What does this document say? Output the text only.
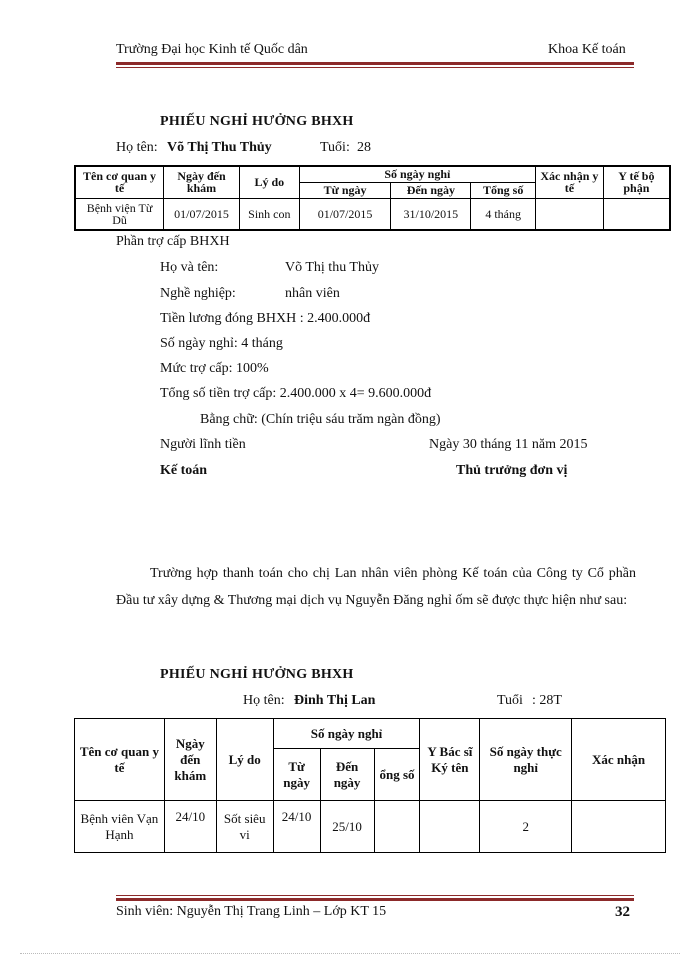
Trường Đại học Kinh tế Quốc dân	Khoa Kế toán
PHIẾU NGHỈ HƯỞNG BHXH
Họ tên: Võ Thị Thu Thủy	Tuổi: 28
Tên cơ quan y tế	Ngày đến khám	Lý do	Số ngày nghỉ			Xác nhận y tế	Y tế bộ phận
			Từ ngày	Đến ngày	Tổng số		
Bệnh viện Từ Dũ	01/07/2015	Sinh con	01/07/2015	31/10/2015	4 tháng		
Phần trợ cấp BHXH
Họ và tên:	Võ Thị thu Thủy
Nghề nghiệp:	nhân viên
Tiền lương đóng BHXH : 2.400.000đ
Số ngày nghỉ: 4 tháng
Mức trợ cấp: 100%
Tổng số tiền trợ cấp: 2.400.000 x 4= 9.600.000đ
Bằng chữ: (Chín triệu sáu trăm ngàn đồng)
Người lĩnh tiền	Ngày 30 tháng 11 năm 2015
Kế toán	Thủ trưởng đơn vị
Trường hợp thanh toán cho chị Lan nhân viên phòng Kế toán của Công ty Cổ phần Đầu tư xây dựng & Thương mại dịch vụ Nguyễn Đăng nghỉ ốm sẽ được thực hiện như sau:
PHIẾU NGHỈ HƯỞNG BHXH
Họ tên: Đinh Thị Lan	Tuổi : 28T
Tên cơ quan y tế	Ngày đến khám	Lý do	Số ngày nghỉ			Y Bác sĩ Ký tên	Số ngày thực nghỉ	Xác nhận
			Từ ngày	Đến ngày	ổng số			
Bệnh viên Vạn Hạnh	24/10	Sốt siêu vi	24/10	25/10			2	
Sinh viên: Nguyễn Thị Trang Linh – Lớp KT 15	32
